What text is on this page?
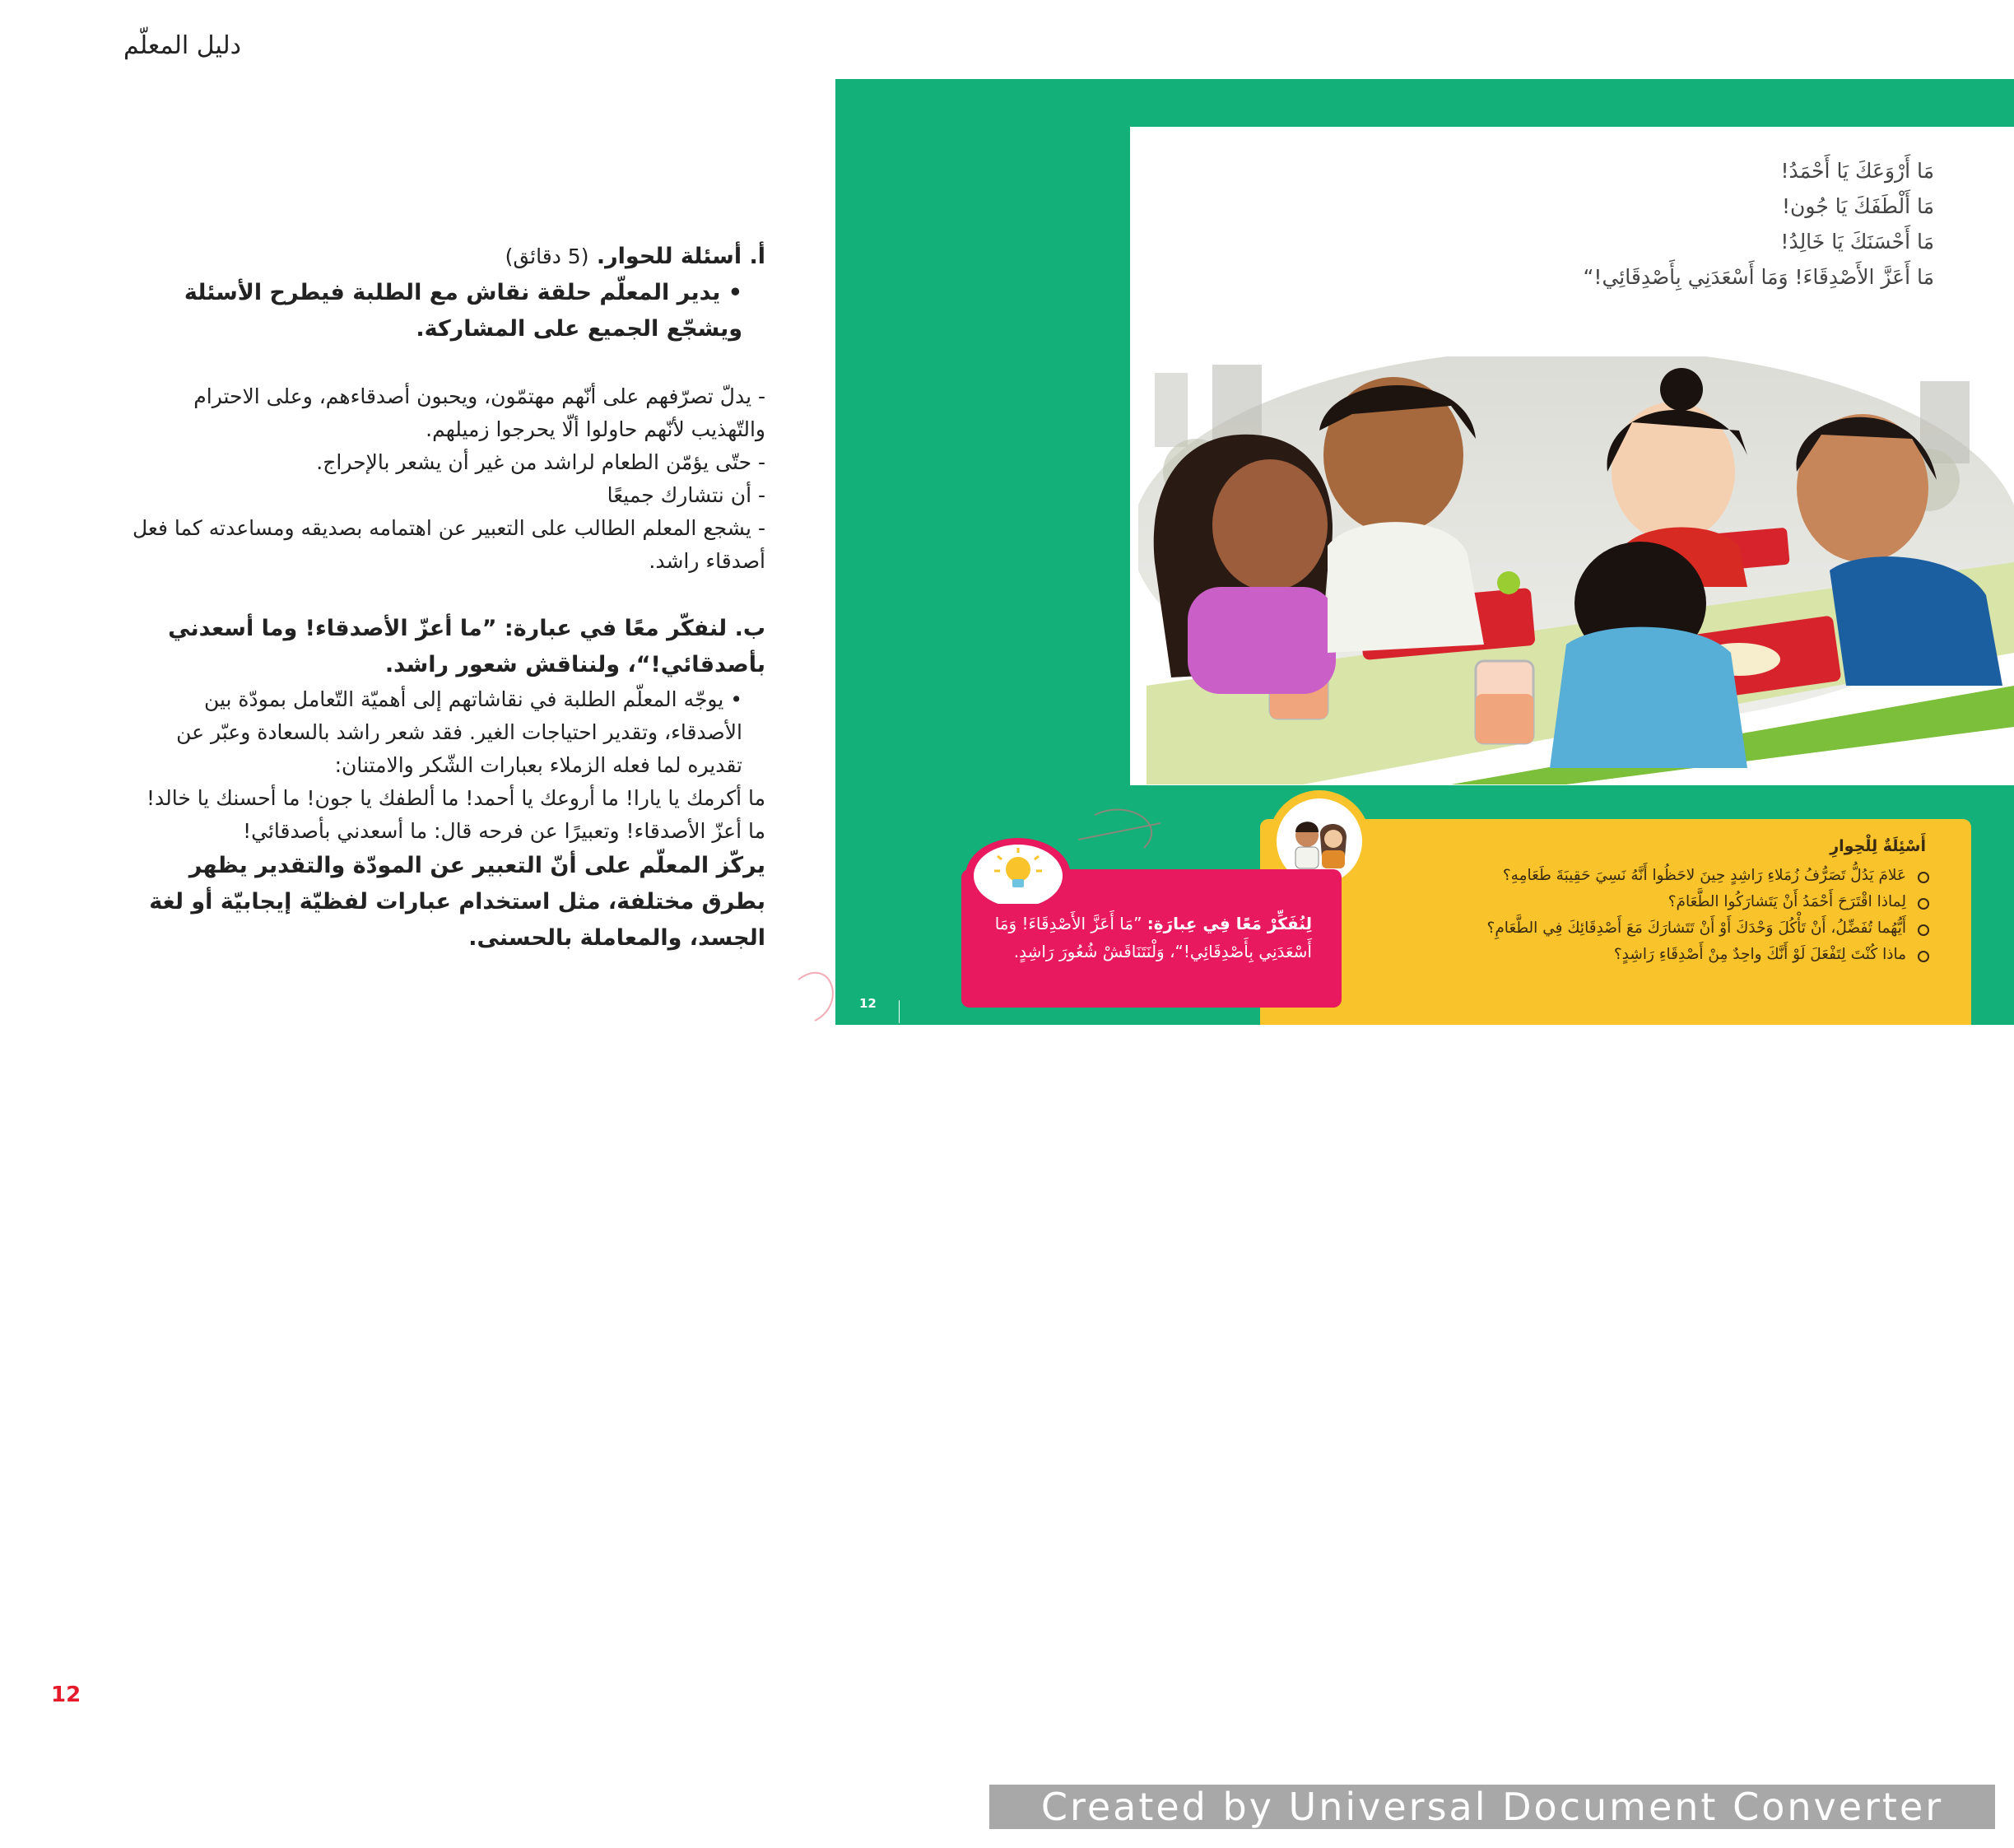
دليل المعلّم

أ. أسئلة للحوار. (5 دقائق)

• يدير المعلّم حلقة نقاش مع الطلبة فيطرح الأسئلة ويشجّع الجميع على المشاركة.

- يدلّ تصرّفهم على أنّهم مهتمّون، ويحبون أصدقاءهم، وعلى الاحترام والتّهذيب لأنّهم حاولوا ألّا يحرجوا زميلهم.

- حتّى يؤمّن الطعام لراشد من غير أن يشعر بالإحراج.

- أن نتشارك جميعًا

- يشجع المعلم الطالب على التعبير عن اهتمامه بصديقه ومساعدته كما فعل أصدقاء راشد.

ب. لنفكّر معًا في عبارة: ”ما أعزّ الأصدقاء! وما أسعدني بأصدقائي!“، ولنناقش شعور راشد.

• يوجّه المعلّم الطلبة في نقاشاتهم إلى أهميّة التّعامل بمودّة بين الأصدقاء، وتقدير احتياجات الغير. فقد شعر راشد بالسعادة وعبّر عن تقديره لما فعله الزملاء بعبارات الشّكر والامتنان:

ما أكرمك يا يارا! ما أروعك يا أحمد! ما ألطفك يا جون! ما أحسنك يا خالد! ما أعزّ الأصدقاء! وتعبيرًا عن فرحه قال: ما أسعدني بأصدقائي!

يركّز المعلّم على أنّ التعبير عن المودّة والتقدير يظهر بطرق مختلفة، مثل استخدام عبارات لفظيّة إيجابيّة أو لغة الجسد، والمعاملة بالحسنى.

12

مَا أَرْوَعَكَ يَا أَحْمَدُ!

مَا أَلْطَفَكَ يَا جُون!

مَا أَحْسَنَكَ يَا خَالِدُ!

مَا أَعَزَّ الأَصْدِقَاءَ! وَمَا أَسْعَدَنِي بِأَصْدِقَائِي!“

أَسْئِلَةٌ لِلْحِوارِ
عَلامَ يَدُلُّ تَصَرُّفُ زُمَلاءِ رَاشِدٍ حِينَ لاحَظُوا أَنَّهُ نَسِيَ حَقِيبَةَ طَعَامِهِ؟
لِماذا اقْتَرَحَ أَحْمَدُ أَنْ يَتَشارَكُوا الطَّعَامَ؟
أَيُّهُما تُفَضِّلُ، أَنْ تَأْكُلَ وَحْدَكَ أَوْ أَنْ تَتَشارَكَ مَعَ أَصْدِقَائِكَ فِي الطَّعَامِ؟
ماذا كُنْتَ لِتَفْعَلَ لَوْ أَنَّكَ واحِدٌ مِنْ أَصْدِقَاءِ رَاشِدٍ؟
لِنُفَكِّرْ مَعًا فِي عِبارَةِ: ”مَا أَعَزَّ الأَصْدِقَاءَ! وَمَا أَسْعَدَنِي بِأَصْدِقَائِي!“، وَلْنَتَنَاقَشْ شُعُورَ رَاشِدٍ.
12
Created by Universal Document Converter
